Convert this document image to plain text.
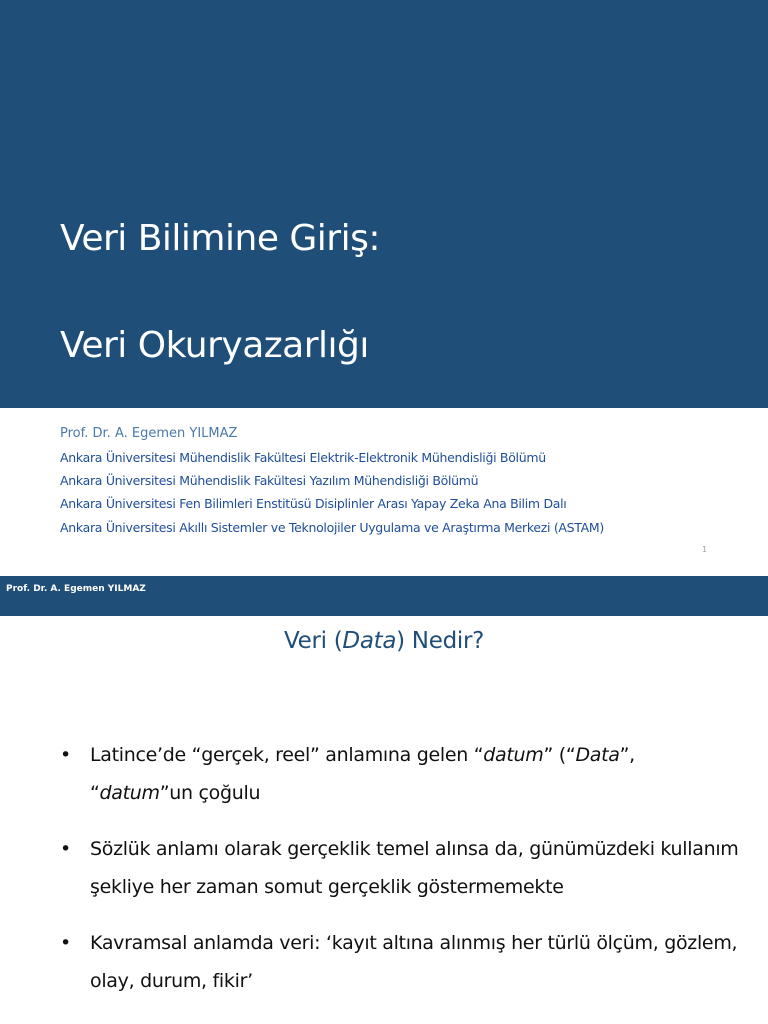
Veri Bilimine Giriş:
Veri Okuryazarlığı
Prof. Dr. A. Egemen YILMAZ
Ankara Üniversitesi Mühendislik Fakültesi Elektrik-Elektronik Mühendisliği Bölümü
Ankara Üniversitesi Mühendislik Fakültesi Yazılım Mühendisliği Bölümü
Ankara Üniversitesi Fen Bilimleri Enstitüsü Disiplinler Arası Yapay Zeka Ana Bilim Dalı
Ankara Üniversitesi Akıllı Sistemler ve Teknolojiler Uygulama ve Araştırma Merkezi (ASTAM)
1
Prof. Dr. A. Egemen YILMAZ
Veri (Data) Nedir?
• Latince’de “gerçek, reel” anlamına gelen “datum” (“Data”, “datum”un çoğulu
• Sözlük anlamı olarak gerçeklik temel alınsa da, günümüzdeki kullanım şekliye her zaman somut gerçeklik göstermemekte
• Kavramsal anlamda veri: ‘kayıt altına alınmış her türlü ölçüm, gözlem, olay, durum, fikir’
